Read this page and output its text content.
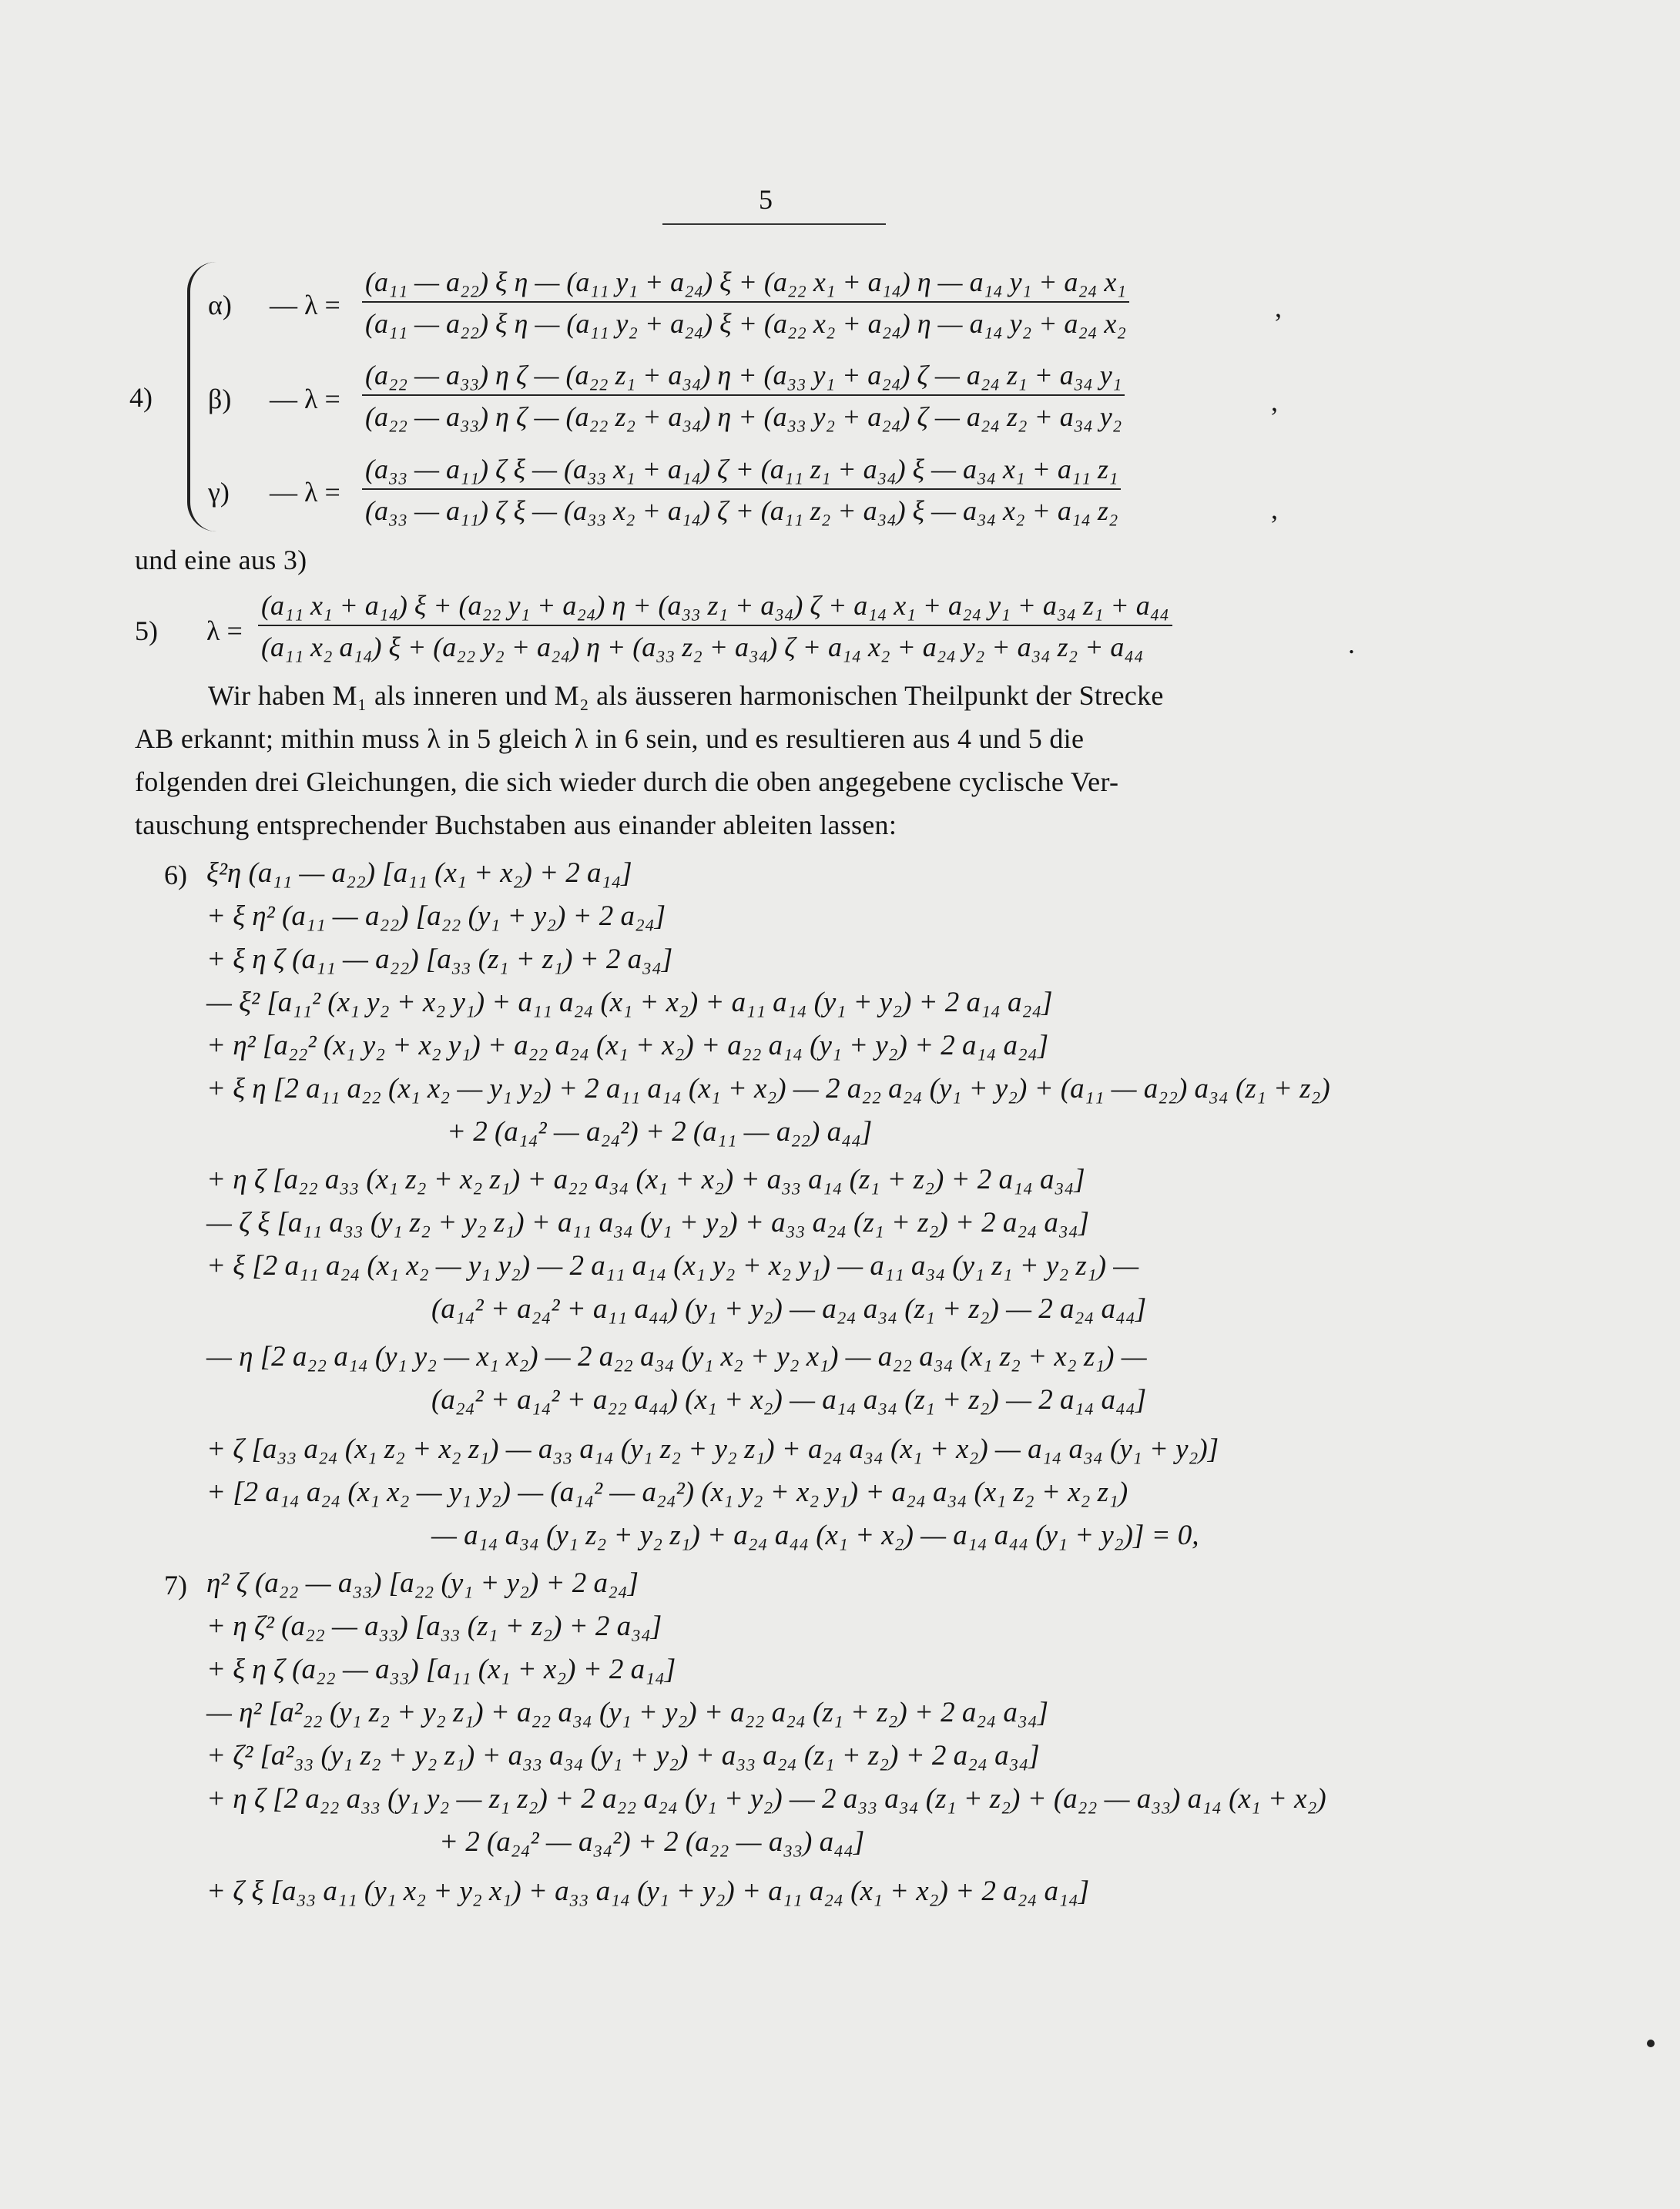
5
4)
α) — λ =
(a₁₁ — a₂₂) ξ η — (a₁₁ y₁ + a₂₄) ξ + (a₂₂ x₁ + a₁₄) η — a₁₄ y₁ + a₂₄ x₁
(a₁₁ — a₂₂) ξ η — (a₁₁ y₂ + a₂₄) ξ + (a₂₂ x₂ + a₂₄) η — a₁₄ y₂ + a₂₄ x₂
,
β) — λ =
(a₂₂ — a₃₃) η ζ — (a₂₂ z₁ + a₃₄) η + (a₃₃ y₁ + a₂₄) ζ — a₂₄ z₁ + a₃₄ y₁
(a₂₂ — a₃₃) η ζ — (a₂₂ z₂ + a₃₄) η + (a₃₃ y₂ + a₂₄) ζ — a₂₄ z₂ + a₃₄ y₂	,
γ) — λ =
(a₃₃ — a₁₁) ζ ξ — (a₃₃ x₁ + a₁₄) ζ + (a₁₁ z₁ + a₃₄) ξ — a₃₄ x₁ + a₁₁ z₁
(a₃₃ — a₁₁) ζ ξ — (a₃₃ x₂ + a₁₄) ζ + (a₁₁ z₂ + a₃₄) ξ — a₃₄ x₂ + a₁₄ z₂	,
und eine aus 3)
5) λ =
(a₁₁ x₁ + a₁₄) ξ + (a₂₂ y₁ + a₂₄) η + (a₃₃ z₁ + a₃₄) ζ + a₁₄ x₁ + a₂₄ y₁ + a₃₄ z₁ + a₄₄
(a₁₁ x₂ a₁₄) ξ + (a₂₂ y₂ + a₂₄) η + (a₃₃ z₂ + a₃₄) ζ + a₁₄ x₂ + a₂₄ y₂ + a₃₄ z₂ + a₄₄	.
Wir haben M₁ als inneren und M₂ als äusseren harmonischen Theilpunkt der Strecke
AB erkannt; mithin muss λ in 5 gleich λ in 6 sein, und es resultieren aus 4 und 5 die
folgenden drei Gleichungen, die sich wieder durch die oben angegebene cyclische Ver-
tauschung entsprechender Buchstaben aus einander ableiten lassen:
6) ξ²η (a₁₁ — a₂₂) [a₁₁ (x₁ + x₂) + 2 a₁₄]
+ ξ η² (a₁₁ — a₂₂) [a₂₂ (y₁ + y₂) + 2 a₂₄]
+ ξ η ζ (a₁₁ — a₂₂) [a₃₃ (z₁ + z₁) + 2 a₃₄]
— ξ² [a₁₁² (x₁ y₂ + x₂ y₁) + a₁₁ a₂₄ (x₁ + x₂) + a₁₁ a₁₄ (y₁ + y₂) + 2 a₁₄ a₂₄]
+ η² [a₂₂² (x₁ y₂ + x₂ y₁) + a₂₂ a₂₄ (x₁ + x₂) + a₂₂ a₁₄ (y₁ + y₂) + 2 a₁₄ a₂₄]
+ ξ η [2 a₁₁ a₂₂ (x₁ x₂ — y₁ y₂) + 2 a₁₁ a₁₄ (x₁ + x₂) — 2 a₂₂ a₂₄ (y₁ + y₂) + (a₁₁ — a₂₂) a₃₄ (z₁ + z₂)
+ 2 (a₁₄² — a₂₄²) + 2 (a₁₁ — a₂₂) a₄₄]
+ η ζ [a₂₂ a₃₃ (x₁ z₂ + x₂ z₁) + a₂₂ a₃₄ (x₁ + x₂) + a₃₃ a₁₄ (z₁ + z₂) + 2 a₁₄ a₃₄]
— ζ ξ [a₁₁ a₃₃ (y₁ z₂ + y₂ z₁) + a₁₁ a₃₄ (y₁ + y₂) + a₃₃ a₂₄ (z₁ + z₂) + 2 a₂₄ a₃₄]
+ ξ [2 a₁₁ a₂₄ (x₁ x₂ — y₁ y₂) — 2 a₁₁ a₁₄ (x₁ y₂ + x₂ y₁) — a₁₁ a₃₄ (y₁ z₁ + y₂ z₁) —
(a₁₄² + a₂₄² + a₁₁ a₄₄) (y₁ + y₂) — a₂₄ a₃₄ (z₁ + z₂) — 2 a₂₄ a₄₄]
— η [2 a₂₂ a₁₄ (y₁ y₂ — x₁ x₂) — 2 a₂₂ a₃₄ (y₁ x₂ + y₂ x₁) — a₂₂ a₃₄ (x₁ z₂ + x₂ z₁) —
(a₂₄² + a₁₄² + a₂₂ a₄₄) (x₁ + x₂) — a₁₄ a₃₄ (z₁ + z₂) — 2 a₁₄ a₄₄]
+ ζ [a₃₃ a₂₄ (x₁ z₂ + x₂ z₁) — a₃₃ a₁₄ (y₁ z₂ + y₂ z₁) + a₂₄ a₃₄ (x₁ + x₂) — a₁₄ a₃₄ (y₁ + y₂)]
+ [2 a₁₄ a₂₄ (x₁ x₂ — y₁ y₂) — (a₁₄² — a₂₄²) (x₁ y₂ + x₂ y₁) + a₂₄ a₃₄ (x₁ z₂ + x₂ z₁)
— a₁₄ a₃₄ (y₁ z₂ + y₂ z₁) + a₂₄ a₄₄ (x₁ + x₂) — a₁₄ a₄₄ (y₁ + y₂)] = 0,
7) η² ζ (a₂₂ — a₃₃) [a₂₂ (y₁ + y₂) + 2 a₂₄]
+ η ζ² (a₂₂ — a₃₃) [a₃₃ (z₁ + z₂) + 2 a₃₄]
+ ξ η ζ (a₂₂ — a₃₃) [a₁₁ (x₁ + x₂) + 2 a₁₄]
— η² [a²₂₂ (y₁ z₂ + y₂ z₁) + a₂₂ a₃₄ (y₁ + y₂) + a₂₂ a₂₄ (z₁ + z₂) + 2 a₂₄ a₃₄]
+ ζ² [a²₃₃ (y₁ z₂ + y₂ z₁) + a₃₃ a₃₄ (y₁ + y₂) + a₃₃ a₂₄ (z₁ + z₂) + 2 a₂₄ a₃₄]
+ η ζ [2 a₂₂ a₃₃ (y₁ y₂ — z₁ z₂) + 2 a₂₂ a₂₄ (y₁ + y₂) — 2 a₃₃ a₃₄ (z₁ + z₂) + (a₂₂ — a₃₃) a₁₄ (x₁ + x₂)
+ 2 (a₂₄² — a₃₄²) + 2 (a₂₂ — a₃₃) a₄₄]
+ ζ ξ [a₃₃ a₁₁ (y₁ x₂ + y₂ x₁) + a₃₃ a₁₄ (y₁ + y₂) + a₁₁ a₂₄ (x₁ + x₂) + 2 a₂₄ a₁₄]
